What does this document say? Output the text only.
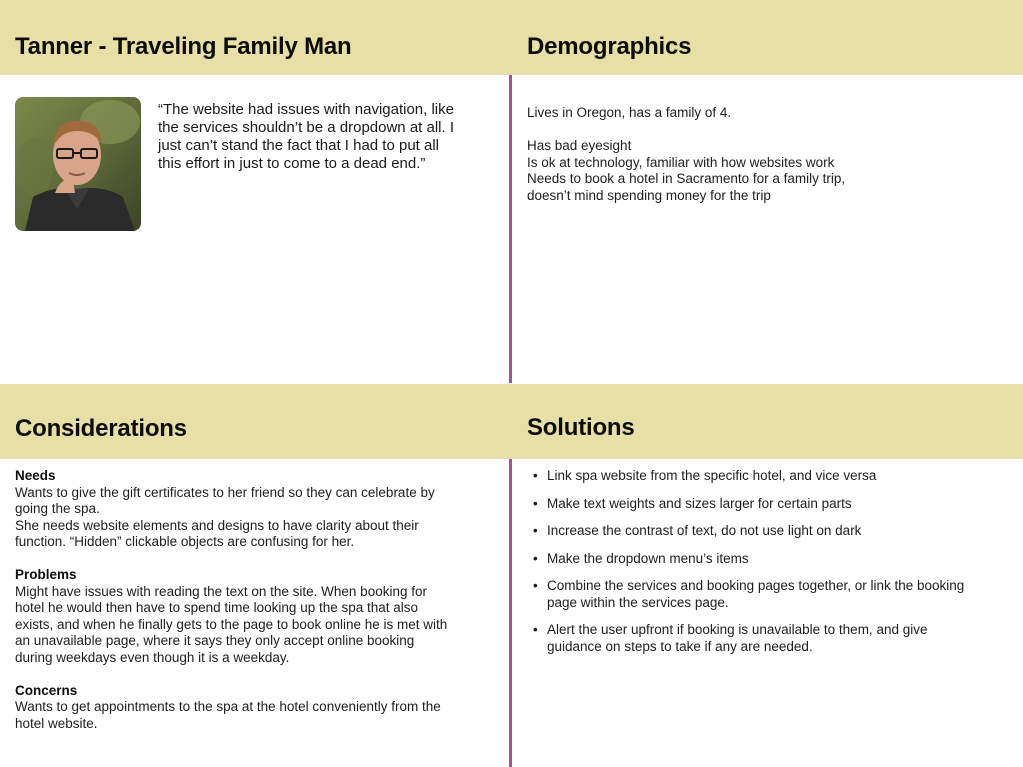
Tanner - Traveling Family Man	Demographics
Considerations	Solutions

“The website had issues with navigation, like the services shouldn’t be a dropdown at all. I just can’t stand the fact that I had to put all this effort in just to come to a dead end.”

Lives in Oregon, has a family of 4.

Has bad eyesight

Is ok at technology, familiar with how websites work

Needs to book a hotel in Sacramento for a family trip,

doesn’t mind spending money for the trip

Needs

Wants to give the gift certificates to her friend so they can celebrate by going the spa.

She needs website elements and designs to have clarity about their function. “Hidden” clickable objects are confusing for her.

Problems

Might have issues with reading the text on the site. When booking for hotel he would then have to spend time looking up the spa that also exists, and when he finally gets to the page to book online he is met with an unavailable page, where it says they only accept online booking during weekdays even though it is a weekday.

Concerns

Wants to get appointments to the spa at the hotel conveniently from the hotel website.

• Link spa website from the specific hotel, and vice versa
• Make text weights and sizes larger for certain parts
• Increase the contrast of text, do not use light on dark
• Make the dropdown menu’s items
• Combine the services and booking pages together, or link the booking page within the services page.
• Alert the user upfront if booking is unavailable to them, and give guidance on steps to take if any are needed.
